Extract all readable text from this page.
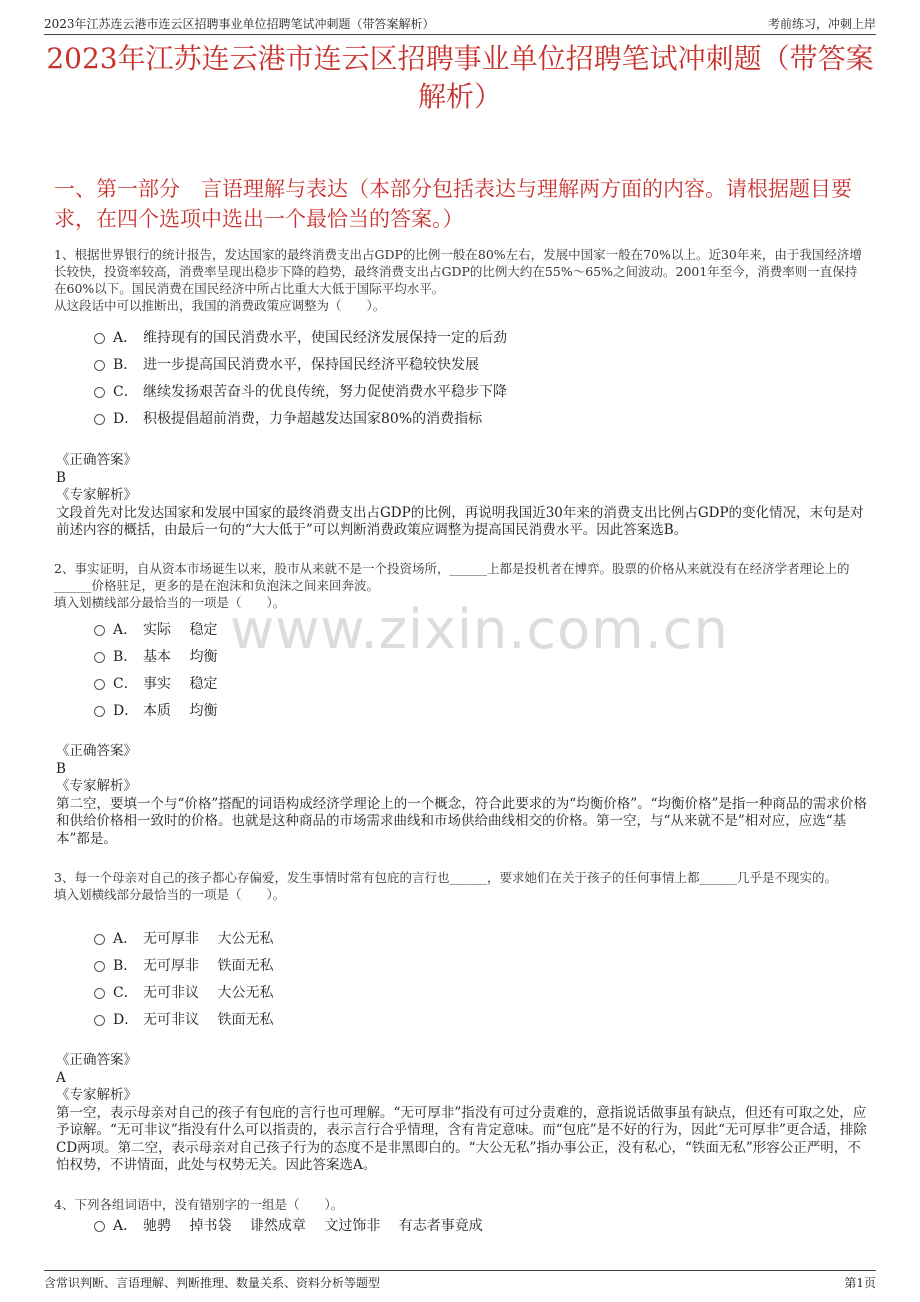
2023年江苏连云港市连云区招聘事业单位招聘笔试冲刺题（带答案解析）	考前练习，冲刺上岸
2023年江苏连云港市连云区招聘事业单位招聘笔试冲刺题（带答案解析）
一、第一部分　言语理解与表达（本部分包括表达与理解两方面的内容。请根据题目要求，在四个选项中选出一个最恰当的答案。）
www.zixin.com.cn

1、根据世界银行的统计报告，发达国家的最终消费支出占GDP的比例一般在80%左右，发展中国家一般在70%以上。近30年来，由于我国经济增长较快，投资率较高，消费率呈现出稳步下降的趋势，最终消费支出占GDP的比例大约在55%～65%之间波动。2001年至今，消费率则一直保持在60%以下。国民消费在国民经济中所占比重大大低于国际平均水平。

从这段话中可以推断出，我国的消费政策应调整为（　　）。

A． 维持现有的国民消费水平，使国民经济发展保持一定的后劲
B． 进一步提高国民消费水平，保持国民经济平稳较快发展
C． 继续发扬艰苦奋斗的优良传统，努力促使消费水平稳步下降
D． 积极提倡超前消费，力争超越发达国家80%的消费指标

《正确答案》

B

《专家解析》

文段首先对比发达国家和发展中国家的最终消费支出占GDP的比例，再说明我国近30年来的消费支出比例占GDP的变化情况，末句是对前述内容的概括，由最后一句的“大大低于”可以判断消费政策应调整为提高国民消费水平。因此答案选B。

2、事实证明，自从资本市场诞生以来，股市从来就不是一个投资场所，______上都是投机者在博弈。股票的价格从来就没有在经济学者理论上的______价格驻足，更多的是在泡沫和负泡沫之间来回奔波。

填入划横线部分最恰当的一项是（　　）。

A． 实际　 稳定
B． 基本　 均衡
C． 事实　 稳定
D． 本质　 均衡

《正确答案》

B

《专家解析》

第二空，要填一个与“价格”搭配的词语构成经济学理论上的一个概念，符合此要求的为“均衡价格”。“均衡价格”是指一种商品的需求价格和供给价格相一致时的价格。也就是这种商品的市场需求曲线和市场供给曲线相交的价格。第一空，与“从来就不是”相对应，应选“基本”都是。

3、每一个母亲对自己的孩子都心存偏爱，发生事情时常有包庇的言行也______，要求她们在关于孩子的任何事情上都______几乎是不现实的。

填入划横线部分最恰当的一项是（　　）。

A． 无可厚非　 大公无私
B． 无可厚非　 铁面无私
C． 无可非议　 大公无私
D． 无可非议　 铁面无私

《正确答案》

A

《专家解析》

第一空，表示母亲对自己的孩子有包庇的言行也可理解。“无可厚非”指没有可过分责难的，意指说话做事虽有缺点，但还有可取之处，应予谅解。“无可非议”指没有什么可以指责的，表示言行合乎情理，含有肯定意味。而“包庇”是不好的行为，因此“无可厚非”更合适，排除CD两项。第二空，表示母亲对自己孩子行为的态度不是非黑即白的。“大公无私”指办事公正，没有私心，“铁面无私”形容公正严明，不怕权势，不讲情面，此处与权势无关。因此答案选A。

4、下列各组词语中，没有错别字的一组是（　　）。

A． 驰骋　 掉书袋　 诽然成章　 文过饰非　 有志者事竟成
含常识判断、言语理解、判断推理、数量关系、资料分析等题型	第1页
